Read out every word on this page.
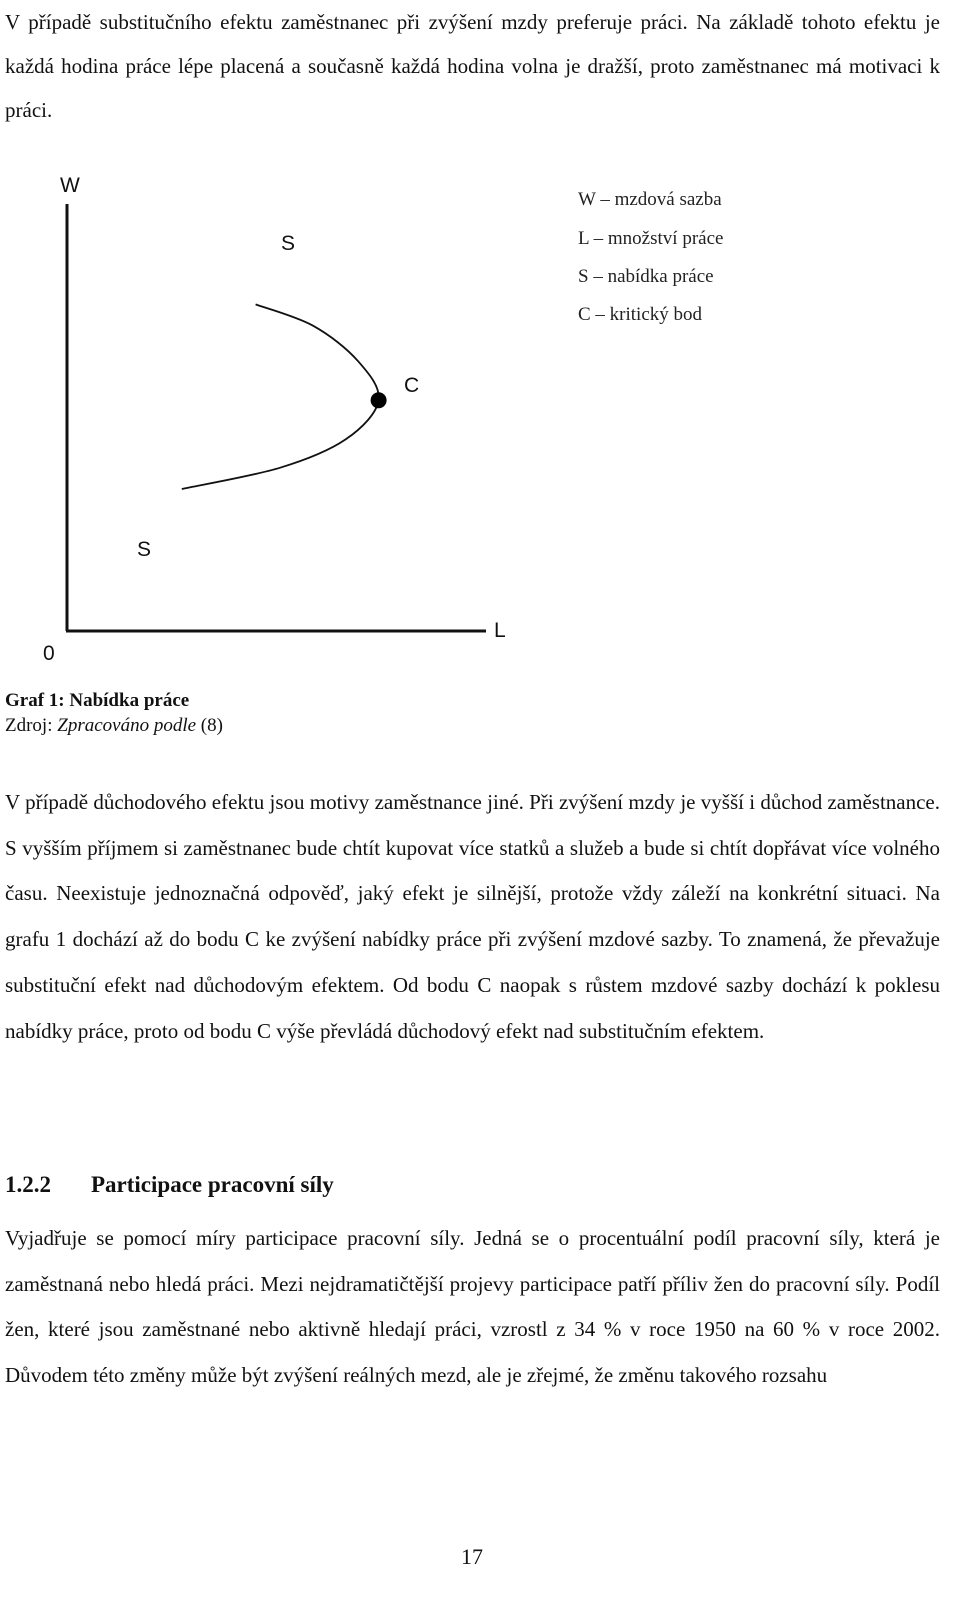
V případě substitučního efektu zaměstnanec při zvýšení mzdy preferuje práci. Na základě tohoto efektu je každá hodina práce lépe placená a současně každá hodina volna je dražší, proto zaměstnanec má motivaci k práci.

W
L
0
C
S
S
W – mzdová sazba
L – množství práce
S – nabídka práce
C – kritický bod

Graf 1: Nabídka práce

Zdroj: Zpracováno podle (8)

V případě důchodového efektu jsou motivy zaměstnance jiné. Při zvýšení mzdy je vyšší i důchod zaměstnance. S vyšším příjmem si zaměstnanec bude chtít kupovat více statků a služeb a bude si chtít dopřávat více volného času. Neexistuje jednoznačná odpověď, jaký efekt je silnější, protože vždy záleží na konkrétní situaci. Na grafu 1 dochází až do bodu C ke zvýšení nabídky práce při zvýšení mzdové sazby. To znamená, že převažuje substituční efekt nad důchodovým efektem. Od bodu C naopak s růstem mzdové sazby dochází k poklesu nabídky práce, proto od bodu C výše převládá důchodový efekt nad substitučním efektem.

1.2.2 Participace pracovní síly

Vyjadřuje se pomocí míry participace pracovní síly. Jedná se o procentuální podíl pracovní síly, která je zaměstnaná nebo hledá práci. Mezi nejdramatičtější projevy participace patří příliv žen do pracovní síly. Podíl žen, které jsou zaměstnané nebo aktivně hledají práci, vzrostl z 34 % v roce 1950 na 60 % v roce 2002. Důvodem této změny může být zvýšení reálných mezd, ale je zřejmé, že změnu takového rozsahu

17
